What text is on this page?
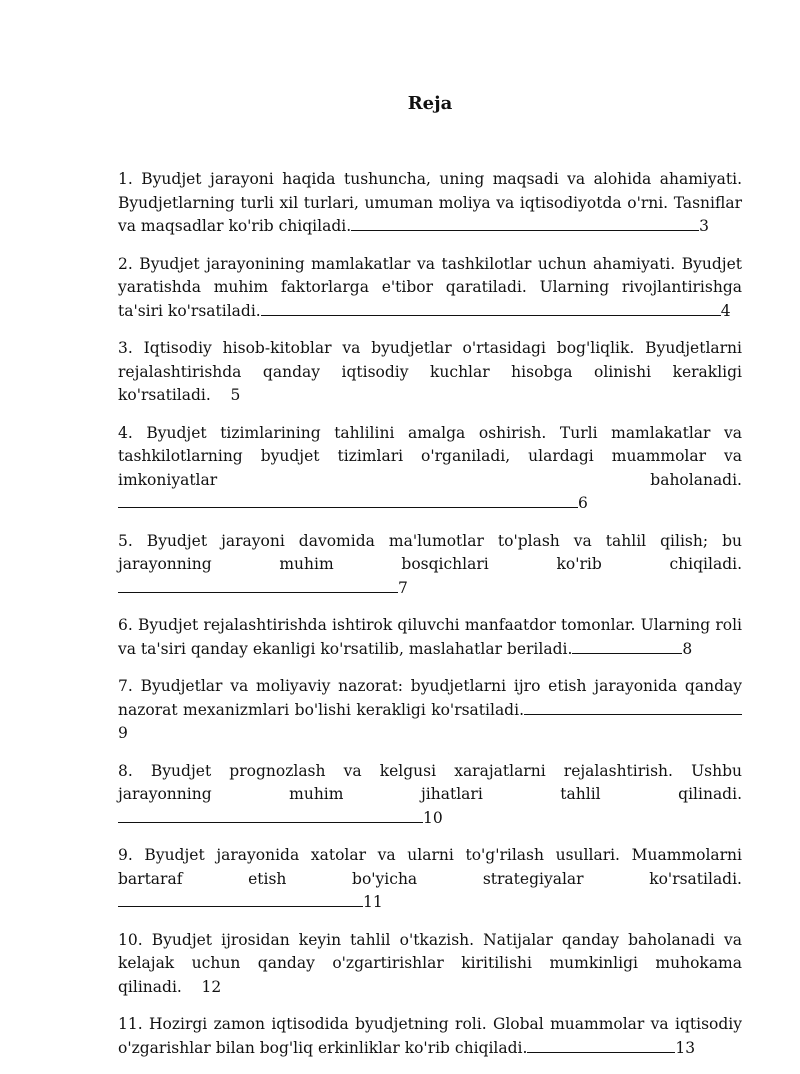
Reja

1. Byudjet jarayoni haqida tushuncha, uning maqsadi va alohida ahamiyati. Byudjetlarning turli xil turlari, umuman moliya va iqtisodiyotda o'rni. Tasniflar va maqsadlar ko'rib chiqiladi.	3

2. Byudjet jarayonining mamlakatlar va tashkilotlar uchun ahamiyati. Byudjet yaratishda muhim faktorlarga e'tibor qaratiladi. Ularning rivojlantirishga ta'siri ko'rsatiladi.	4

3. Iqtisodiy hisob-kitoblar va byudjetlar o'rtasidagi bog'liqlik. Byudjetlarni rejalashtirishda qanday iqtisodiy kuchlar hisobga olinishi kerakligi ko'rsatiladi. 5

4. Byudjet tizimlarining tahlilini amalga oshirish. Turli mamlakatlar va tashkilotlarning byudjet tizimlari o'rganiladi, ulardagi muammolar va imkoniyatlar baholanadi.6

5. Byudjet jarayoni davomida ma'lumotlar to'plash va tahlil qilish; bu jarayonning muhim bosqichlari ko'rib chiqiladi.7

6. Byudjet rejalashtirishda ishtirok qiluvchi manfaatdor tomonlar. Ularning roli va ta'siri qanday ekanligi ko'rsatilib, maslahatlar beriladi.	8

7. Byudjetlar va moliyaviy nazorat: byudjetlarni ijro etish jarayonida qanday nazorat mexanizmlari bo'lishi kerakligi ko'rsatiladi.9

8. Byudjet prognozlash va kelgusi xarajatlarni rejalashtirish. Ushbu jarayonning muhim jihatlari tahlil qilinadi.10

9. Byudjet jarayonida xatolar va ularni to'g'rilash usullari. Muammolarni bartaraf etish bo'yicha strategiyalar ko'rsatiladi.11

10. Byudjet ijrosidan keyin tahlil o'tkazish. Natijalar qanday baholanadi va kelajak uchun qanday o'zgartirishlar kiritilishi mumkinligi muhokama qilinadi. 12

11. Hozirgi zamon iqtisodida byudjetning roli. Global muammolar va iqtisodiy o'zgarishlar bilan bog'liq erkinliklar ko'rib chiqiladi.	13
